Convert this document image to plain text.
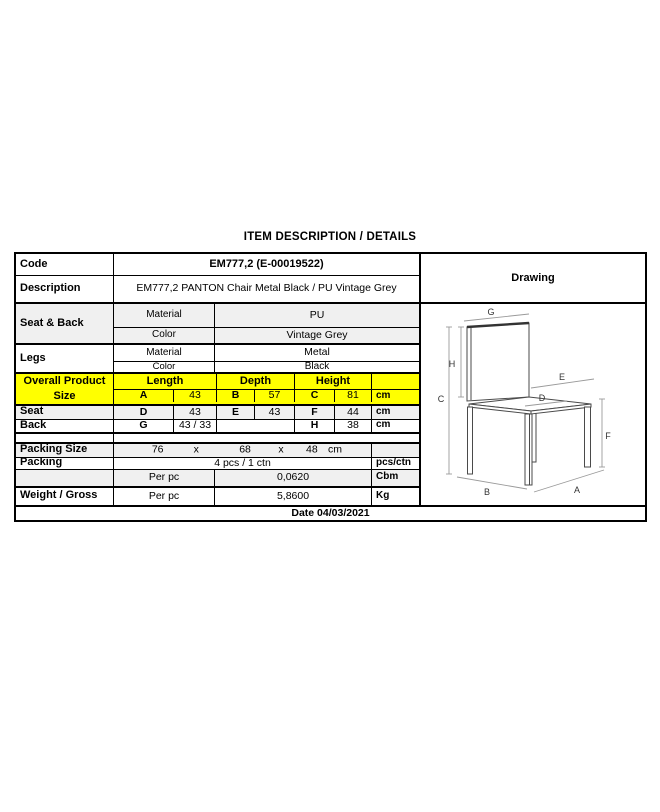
ITEM DESCRIPTION / DETAILS
Code	EM777,2 (E-00019522)
Description	EM777,2 PANTON Chair Metal Black / PU Vintage Grey
Seat & Back
Material	PU
Color	Vintage Grey
Legs	Material	Metal
Color	Black
Overall Product
Size
Length	Depth	Height
A	43	B	57	C	81	cm
Seat	D	43	E	43	F	44	cm
Back	G	43 / 33	H	38	cm
Packing Size	76	x	68	x 48 cm
Packing	4 pcs / 1 ctn	pcs/ctn
Per pc	0,0620	Cbm
Weight / Gross	Per pc	5,8600	Kg
Drawing
G
H
C
E
D
F
B	A
Date 04/03/2021
